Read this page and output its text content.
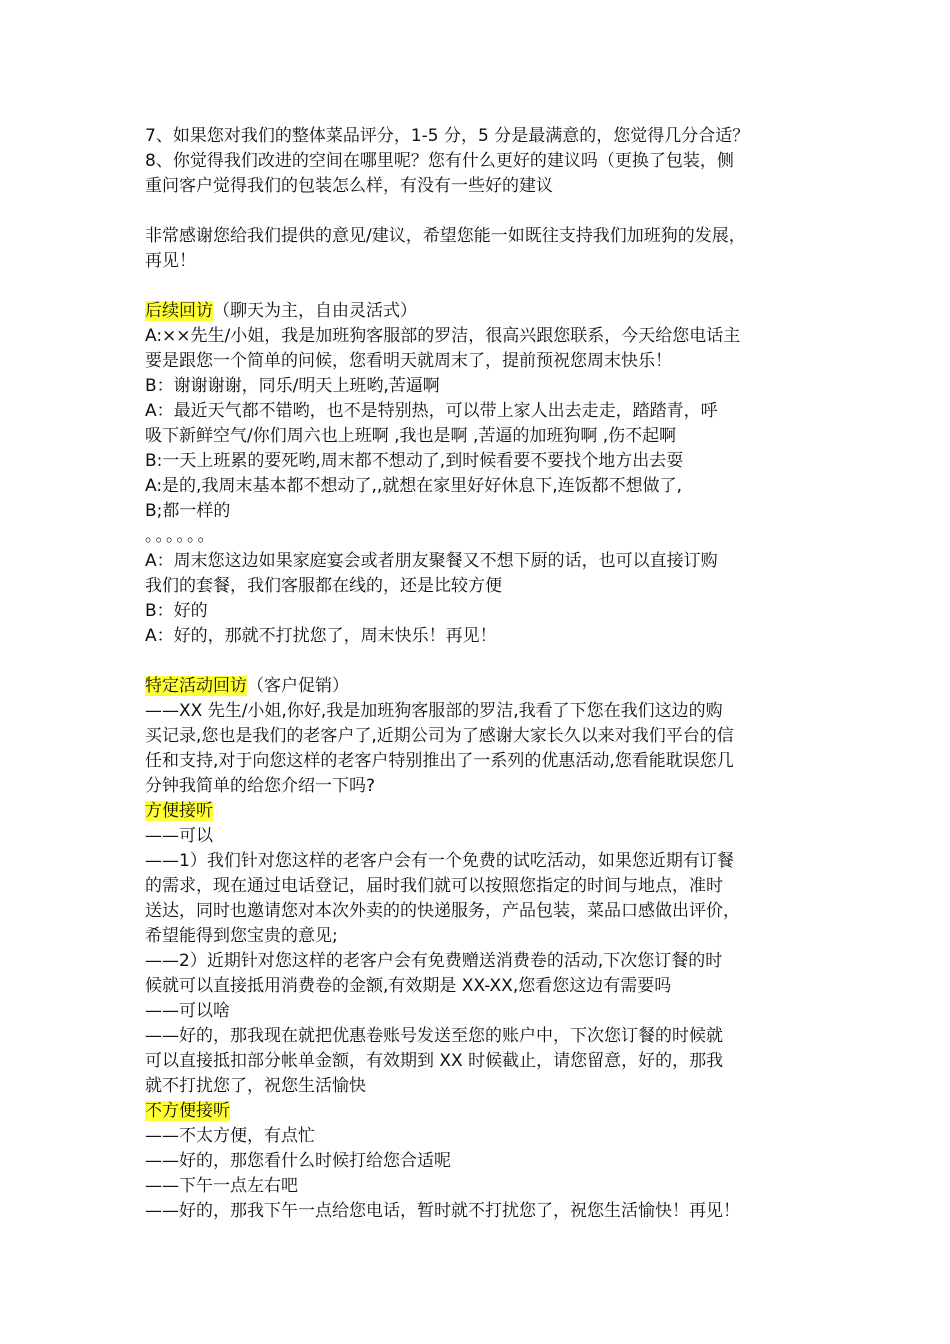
7、如果您对我们的整体菜品评分，1-5 分，5 分是最满意的，您觉得几分合适？
8、你觉得我们改进的空间在哪里呢？您有什么更好的建议吗（更换了包装，侧
重问客户觉得我们的包装怎么样，有没有一些好的建议
非常感谢您给我们提供的意见/建议，希望您能一如既往支持我们加班狗的发展，
再见！
后续回访（聊天为主，自由灵活式）
A:××先生/小姐，我是加班狗客服部的罗洁，很高兴跟您联系，今天给您电话主
要是跟您一个简单的问候，您看明天就周末了，提前预祝您周末快乐！
B：谢谢谢谢，同乐/明天上班哟,苦逼啊
A：最近天气都不错哟，也不是特别热，可以带上家人出去走走，踏踏青，呼
吸下新鲜空气/你们周六也上班啊 ,我也是啊 ,苦逼的加班狗啊 ,伤不起啊
B:一天上班累的要死哟,周末都不想动了,到时候看要不要找个地方出去耍
A:是的,我周末基本都不想动了,,就想在家里好好休息下,连饭都不想做了,
B;都一样的
。。。。。。
A：周末您这边如果家庭宴会或者朋友聚餐又不想下厨的话，也可以直接订购
我们的套餐，我们客服都在线的，还是比较方便
B：好的
A：好的，那就不打扰您了，周末快乐！再见！
特定活动回访（客户促销）
——XX 先生/小姐,你好,我是加班狗客服部的罗洁,我看了下您在我们这边的购
买记录,您也是我们的老客户了,近期公司为了感谢大家长久以来对我们平台的信
任和支持,对于向您这样的老客户特别推出了一系列的优惠活动,您看能耽误您几
分钟我简单的给您介绍一下吗?
方便接听
——可以
——1）我们针对您这样的老客户会有一个免费的试吃活动，如果您近期有订餐
的需求，现在通过电话登记，届时我们就可以按照您指定的时间与地点，准时
送达，同时也邀请您对本次外卖的的快递服务，产品包装，菜品口感做出评价，
希望能得到您宝贵的意见;
——2）近期针对您这样的老客户会有免费赠送消费卷的活动,下次您订餐的时
候就可以直接抵用消费卷的金额,有效期是 XX-XX,您看您这边有需要吗
——可以啥
——好的，那我现在就把优惠卷账号发送至您的账户中，下次您订餐的时候就
可以直接抵扣部分帐单金额，有效期到 XX 时候截止，请您留意，好的，那我
就不打扰您了，祝您生活愉快
不方便接听
——不太方便，有点忙
——好的，那您看什么时候打给您合适呢
——下午一点左右吧
——好的，那我下午一点给您电话，暂时就不打扰您了，祝您生活愉快！再见！
